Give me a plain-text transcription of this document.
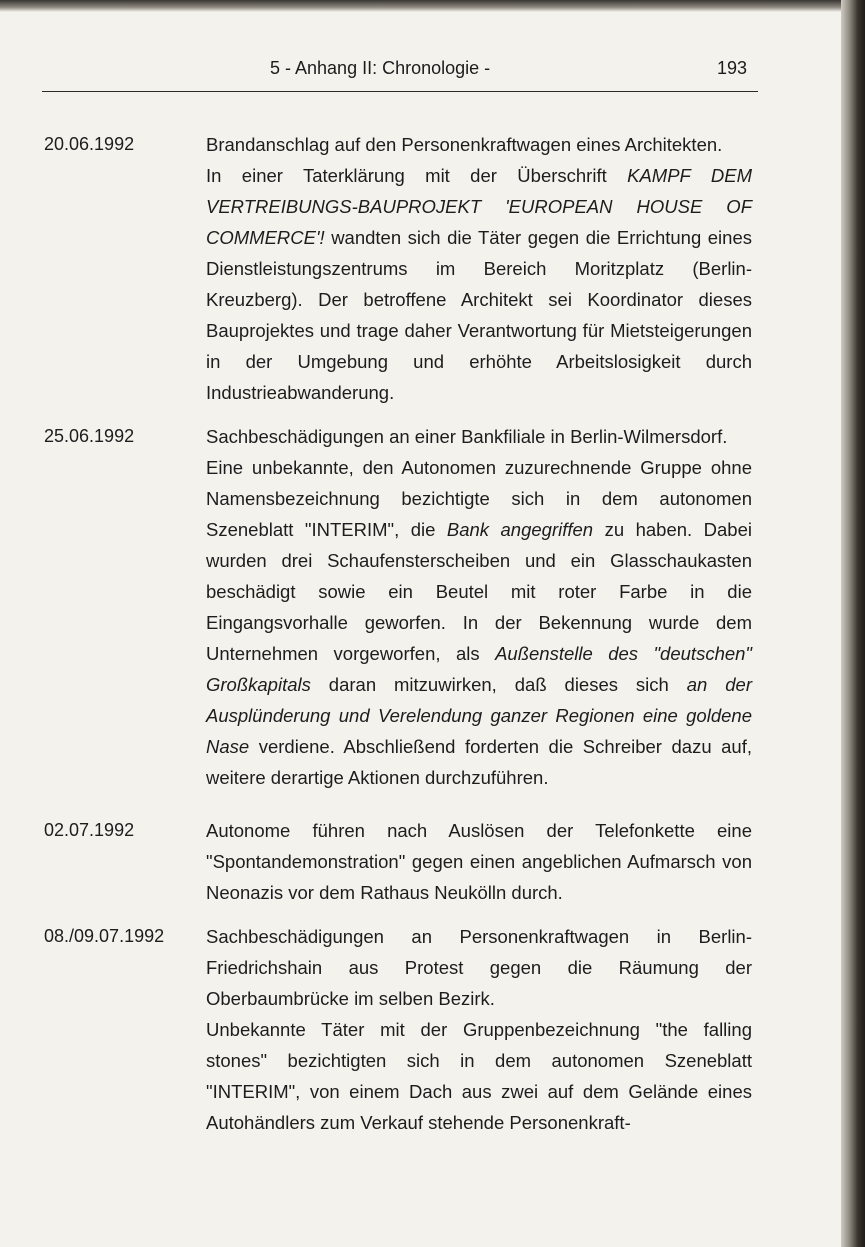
5 - Anhang II: Chronologie -	193
20.06.1992	Brandanschlag auf den Personenkraftwagen eines Architekten.

In einer Taterklärung mit der Überschrift KAMPF DEM VERTREIBUNGS-BAUPROJEKT 'EUROPEAN HOUSE OF COMMERCE'! wandten sich die Täter gegen die Errichtung eines Dienstleistungszentrums im Bereich Moritzplatz (Berlin-Kreuzberg). Der betroffene Architekt sei Koordinator dieses Bauprojektes und trage daher Verantwortung für Mietsteigerungen in der Umgebung und erhöhte Arbeitslosigkeit durch Industrieabwanderung.

25.06.1992	Sachbeschädigungen an einer Bankfiliale in Berlin-Wilmersdorf.

Eine unbekannte, den Autonomen zuzurechnende Gruppe ohne Namensbezeichnung bezichtigte sich in dem autonomen Szeneblatt "INTERIM", die Bank angegriffen zu haben. Dabei wurden drei Schaufensterscheiben und ein Glasschaukasten beschädigt sowie ein Beutel mit roter Farbe in die Eingangsvorhalle geworfen. In der Bekennung wurde dem Unternehmen vorgeworfen, als Außenstelle des "deutschen" Großkapitals daran mitzuwirken, daß dieses sich an der Ausplünderung und Verelendung ganzer Regionen eine goldene Nase verdiene. Abschließend forderten die Schreiber dazu auf, weitere derartige Aktionen durchzuführen.

02.07.1992	Autonome führen nach Auslösen der Telefonkette eine "Spontandemonstration" gegen einen angeblichen Aufmarsch von Neonazis vor dem Rathaus Neukölln durch.

08./09.07.1992 Sachbeschädigungen an Personenkraftwagen in Berlin-Friedrichshain aus Protest gegen die Räumung der Oberbaumbrücke im selben Bezirk.

Unbekannte Täter mit der Gruppenbezeichnung "the falling stones" bezichtigten sich in dem autonomen Szeneblatt "INTERIM", von einem Dach aus zwei auf dem Gelände eines Autohändlers zum Verkauf stehende Personenkraft-
